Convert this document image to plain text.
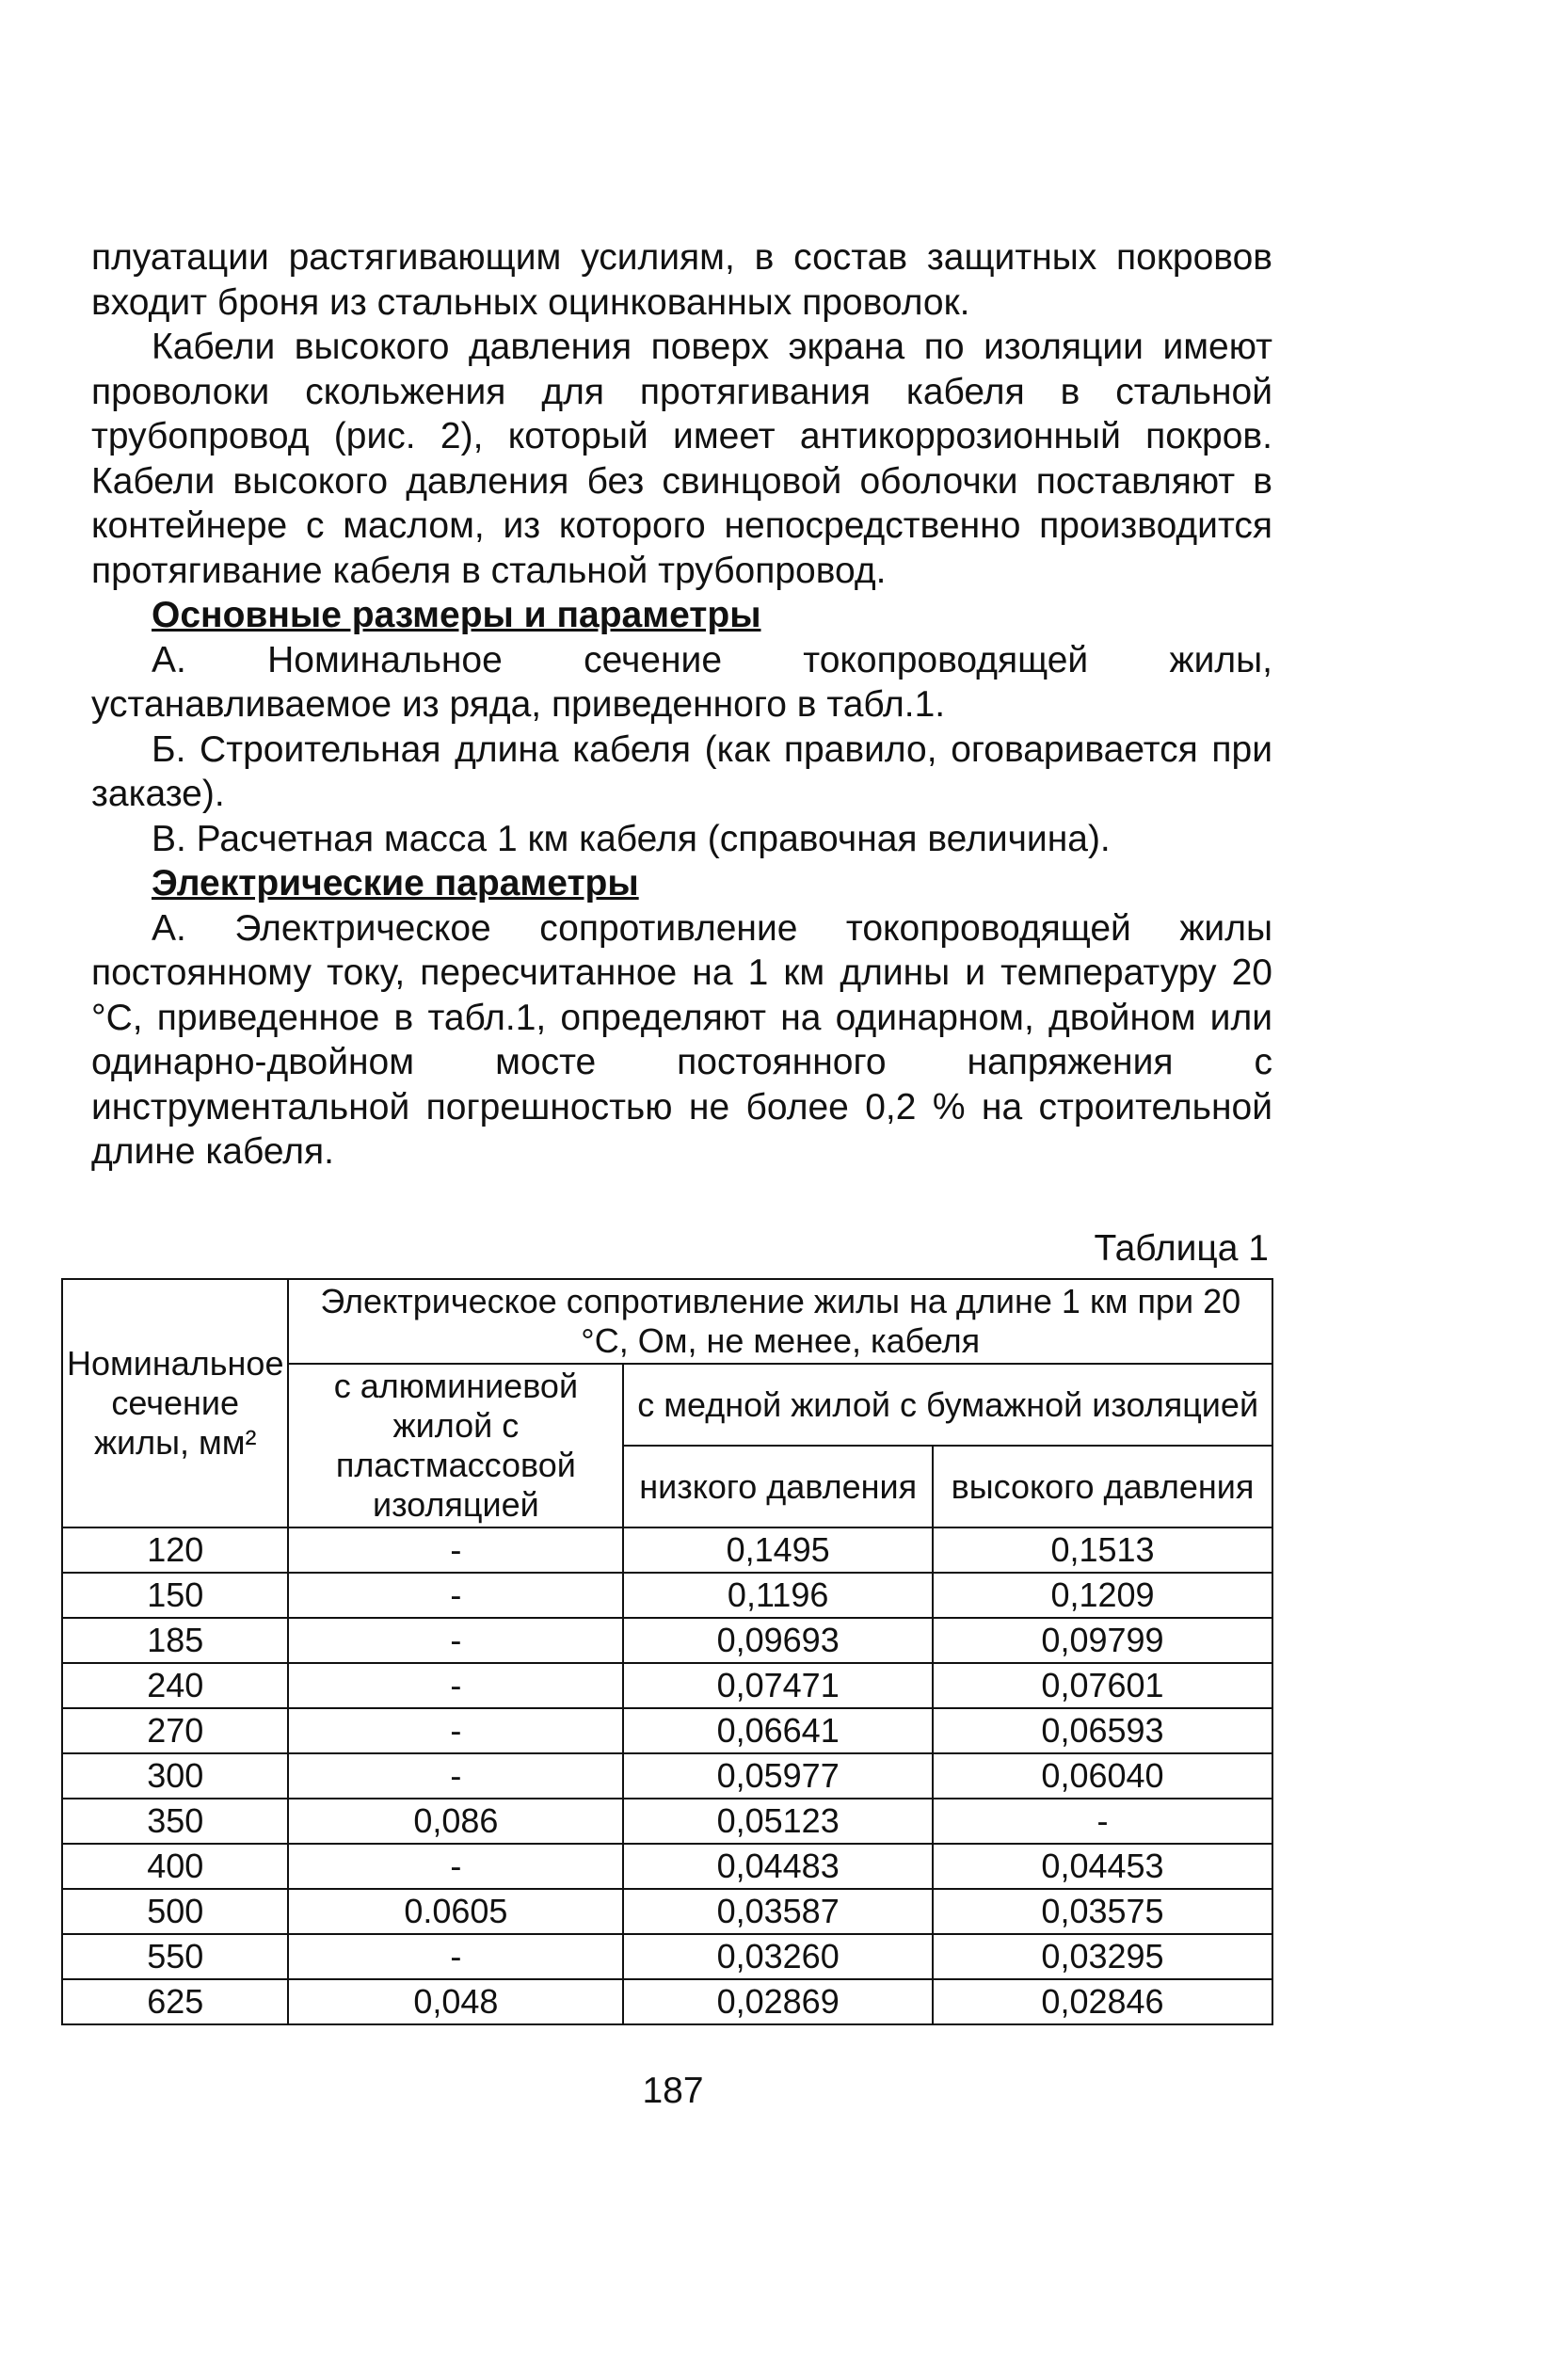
плуатации растягивающим усилиям, в состав защитных покровов входит броня из стальных оцинкованных проволок.

Кабели высокого давления поверх экрана по изоляции имеют проволоки скольжения для протягивания кабеля в стальной трубопровод (рис. 2), который имеет антикоррозионный покров. Кабели высокого давления без свинцовой оболочки поставляют в контейнере с маслом, из которого непосредственно производится протягивание кабеля в стальной трубопровод.

Основные размеры и параметры

А. Номинальное сечение токопроводящей жилы, устанавливаемое из ряда, приведенного в табл.1.

Б. Строительная длина кабеля (как правило, оговаривается при заказе).

В. Расчетная масса 1 км кабеля (справочная величина).

Электрические параметры

А. Электрическое сопротивление токопроводящей жилы постоянному току, пересчитанное на 1 км длины и температуру 20 °С, приведенное в табл.1, определяют на одинарном, двойном или одинарно-двойном мосте постоянного напряжения с инструментальной погрешностью не более 0,2 % на строительной длине кабеля.

Таблица 1
Номинальное сечение жилы, мм²	Электрическое сопротивление жилы на длине 1 км при 20 °С, Ом, не менее, кабеля		
	с алюминиевой жилой с пластмассовой изоляцией	с медной жилой с бумажной изоляцией	
		низкого давления	высокого давления
120	-	0,1495	0,1513
150	-	0,1196	0,1209
185	-	0,09693	0,09799
240	-	0,07471	0,07601
270	-	0,06641	0,06593
300	-	0,05977	0,06040
350	0,086	0,05123	-
400	-	0,04483	0,04453
500	0.0605	0,03587	0,03575
550	-	0,03260	0,03295
625	0,048	0,02869	0,02846
187
